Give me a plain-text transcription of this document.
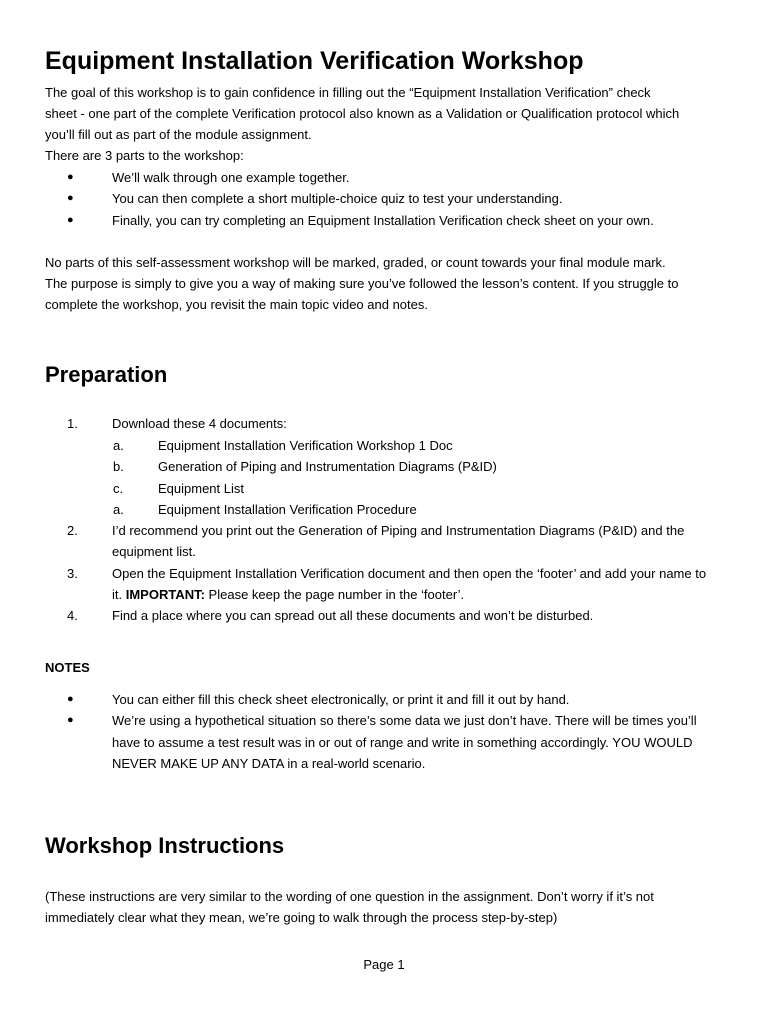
Equipment Installation Verification Workshop
The goal of this workshop is to gain confidence in filling out the “Equipment Installation Verification” check
sheet - one part of the complete Verification protocol also known as a Validation or Qualification protocol which
you’ll fill out as part of the module assignment.
There are 3 parts to the workshop:
●	We’ll walk through one example together.
●	You can then complete a short multiple-choice quiz to test your understanding.
●	Finally, you can try completing an Equipment Installation Verification check sheet on your own.
No parts of this self-assessment workshop will be marked, graded, or count towards your final module mark.
The purpose is simply to give you a way of making sure you’ve followed the lesson’s content. If you struggle to
complete the workshop, you revisit the main topic video and notes.
Preparation
1.	Download these 4 documents:
a.	Equipment Installation Verification Workshop 1 Doc
b.	Generation of Piping and Instrumentation Diagrams (P&ID)
c.	Equipment List
a.	Equipment Installation Verification Procedure
2.	I’d recommend you print out the Generation of Piping and Instrumentation Diagrams (P&ID) and the
equipment list.
3.	Open the Equipment Installation Verification document and then open the ‘footer’ and add your name to
it. IMPORTANT: Please keep the page number in the ‘footer’.
4.	Find a place where you can spread out all these documents and won’t be disturbed.
NOTES
●	You can either fill this check sheet electronically, or print it and fill it out by hand.
●	We’re using a hypothetical situation so there’s some data we just don’t have. There will be times you’ll
have to assume a test result was in or out of range and write in something accordingly. YOU WOULD
NEVER MAKE UP ANY DATA in a real-world scenario.
Workshop Instructions
(These instructions are very similar to the wording of one question in the assignment. Don’t worry if it’s not
immediately clear what they mean, we’re going to walk through the process step-by-step)
Page 1
